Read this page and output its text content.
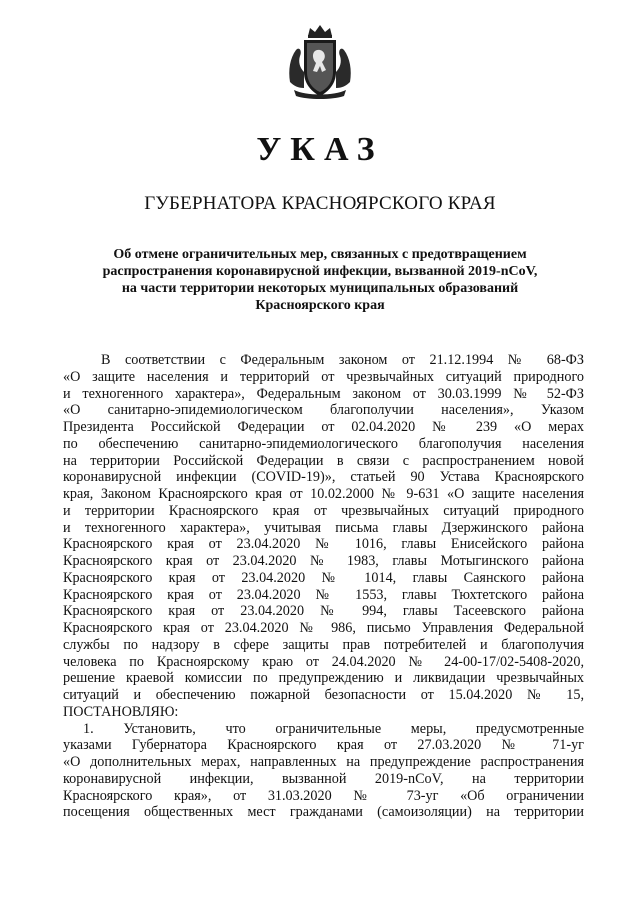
УКАЗ
ГУБЕРНАТОРА КРАСНОЯРСКОГО КРАЯ
Об отмене ограничительных мер, связанных с предотвращением
распространения коронавирусной инфекции, вызванной 2019-nCoV,
на части территории некоторых муниципальных образований
Красноярского края
В соответствии с Федеральным законом от 21.12.1994 № 68-ФЗ
«О защите населения и территорий от чрезвычайных ситуаций природного
и техногенного характера», Федеральным законом от 30.03.1999 № 52-ФЗ
«О санитарно-эпидемиологическом благополучии населения», Указом
Президента Российской Федерации от 02.04.2020 № 239 «О мерах
по обеспечению санитарно-эпидемиологического благополучия населения
на территории Российской Федерации в связи с распространением новой
коронавирусной инфекции (COVID-19)», статьей 90 Устава Красноярского
края, Законом Красноярского края от 10.02.2000 № 9-631 «О защите населения
и территории Красноярского края от чрезвычайных ситуаций природного
и техногенного характера», учитывая письма главы Дзержинского района
Красноярского края от 23.04.2020 № 1016, главы Енисейского района
Красноярского края от 23.04.2020 № 1983, главы Мотыгинского района
Красноярского края от 23.04.2020 № 1014, главы Саянского района
Красноярского края от 23.04.2020 № 1553, главы Тюхтетского района
Красноярского края от 23.04.2020 № 994, главы Тасеевского района
Красноярского края от 23.04.2020 № 986, письмо Управления Федеральной
службы по надзору в сфере защиты прав потребителей и благополучия
человека по Красноярскому краю от 24.04.2020 № 24-00-17/02-5408-2020,
решение краевой комиссии по предупреждению и ликвидации чрезвычайных
ситуаций и обеспечению пожарной безопасности от 15.04.2020 № 15,
ПОСТАНОВЛЯЮ:
1. Установить, что ограничительные меры, предусмотренные
указами Губернатора Красноярского края от 27.03.2020 № 71-уг
«О дополнительных мерах, направленных на предупреждение распространения
коронавирусной инфекции, вызванной 2019-nCoV, на территории
Красноярского края», от 31.03.2020 № 73-уг «Об ограничении
посещения общественных мест гражданами (самоизоляции) на территории
